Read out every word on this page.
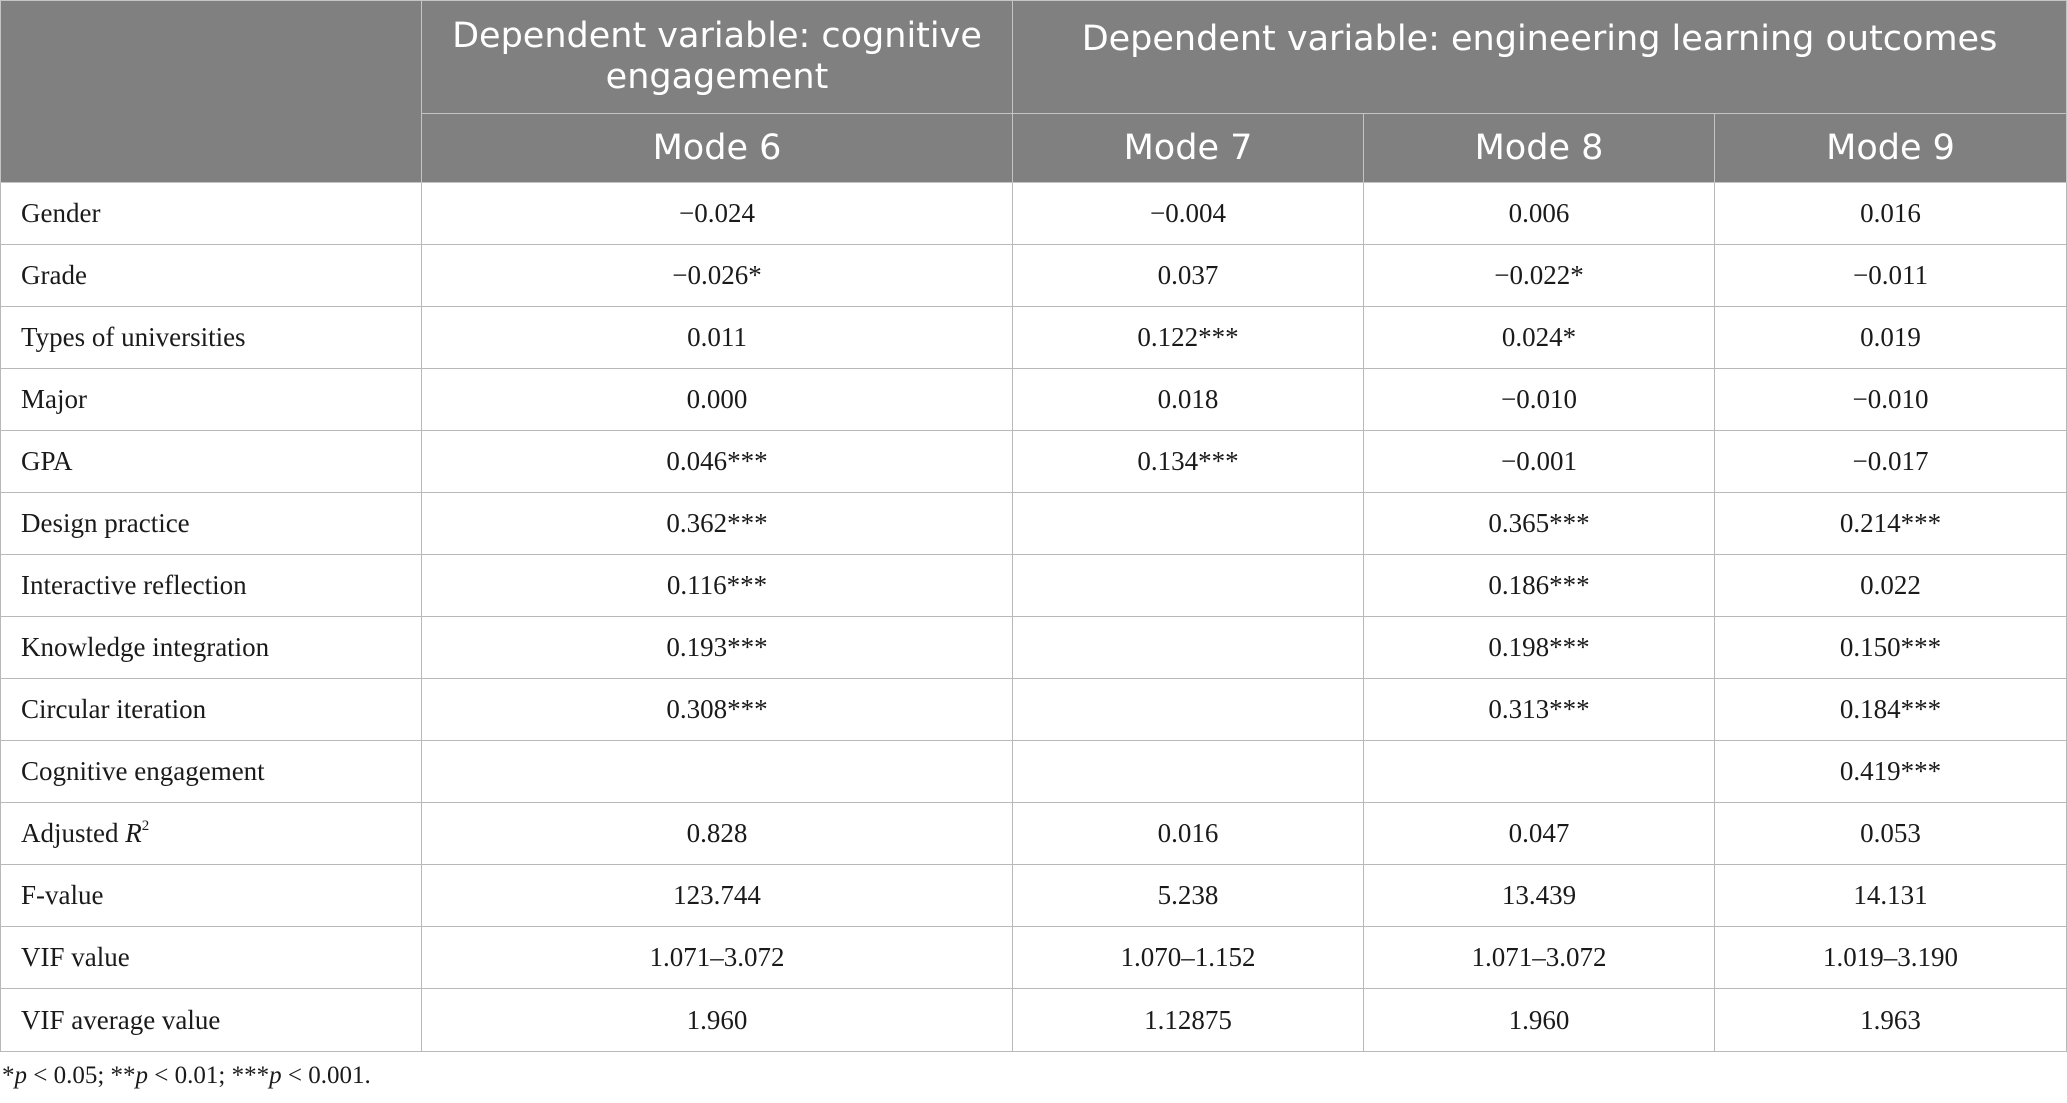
	Dependent variable: cognitive engagement	Dependent variable: engineering learning outcomes		
	Mode 6	Mode 7	Mode 8	Mode 9
Gender	−0.024	−0.004	0.006	0.016
Grade	−0.026*	0.037	−0.022*	−0.011
Types of universities	0.011	0.122***	0.024*	0.019
Major	0.000	0.018	−0.010	−0.010
GPA	0.046***	0.134***	−0.001	−0.017
Design practice	0.362***		0.365***	0.214***
Interactive reflection	0.116***		0.186***	0.022
Knowledge integration	0.193***		0.198***	0.150***
Circular iteration	0.308***		0.313***	0.184***
Cognitive engagement				0.419***
Adjusted $R^2$	0.828	0.016	0.047	0.053
F-value	123.744	5.238	13.439	14.131
VIF value	1.071–3.072	1.070–1.152	1.071–3.072	1.019–3.190
VIF average value	1.960	1.12875	1.960	1.963
*p < 0.05; **p < 0.01; ***p < 0.001.
